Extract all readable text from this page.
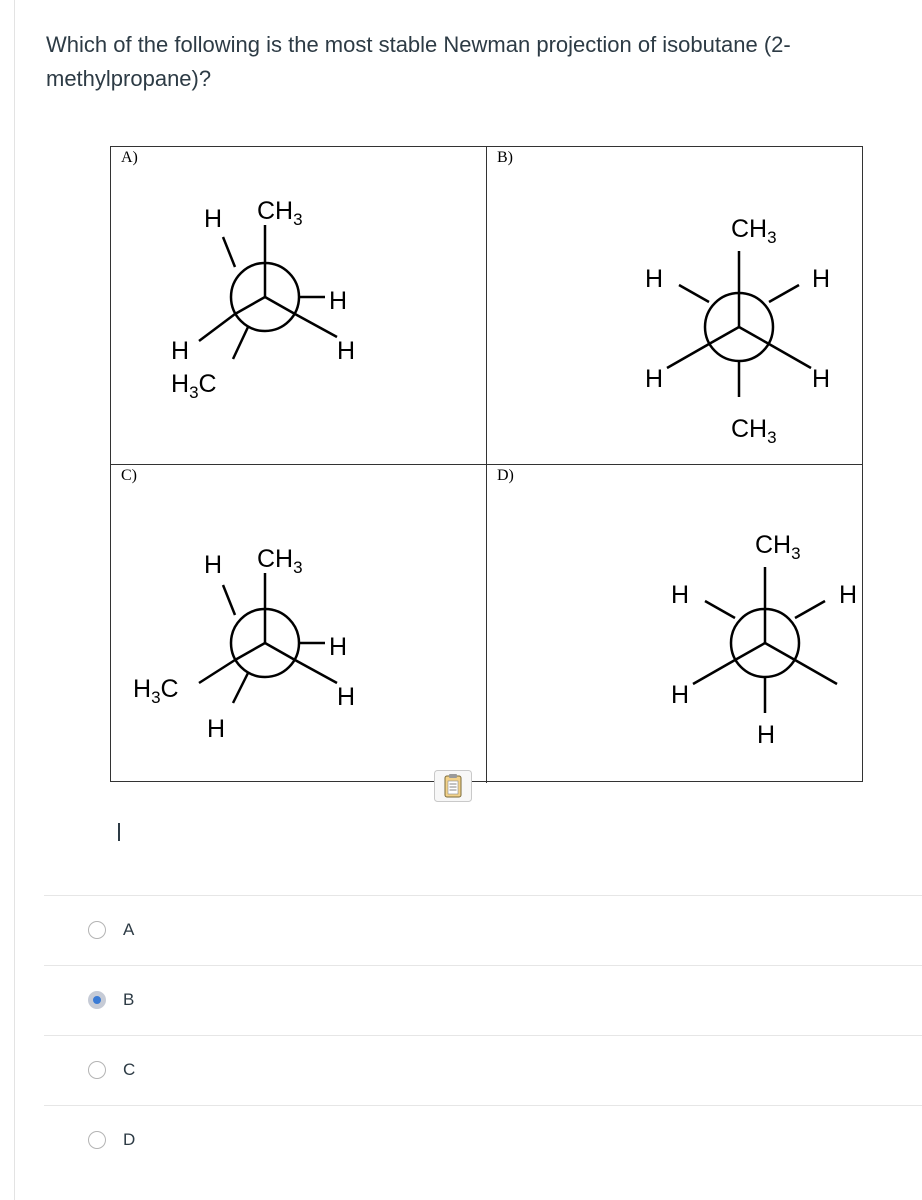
Which of the following is the most stable Newman projection of isobutane (2-methylpropane)?
A)
H $CH_3$
H
H
H
$H_3C$
B)
$CH_3$
H	H
H	H
$CH_3$
C)
H $CH_3$
H
H
$H_3C$
H
D)
$CH_3$
H	H
H
H
A
B
C
D
